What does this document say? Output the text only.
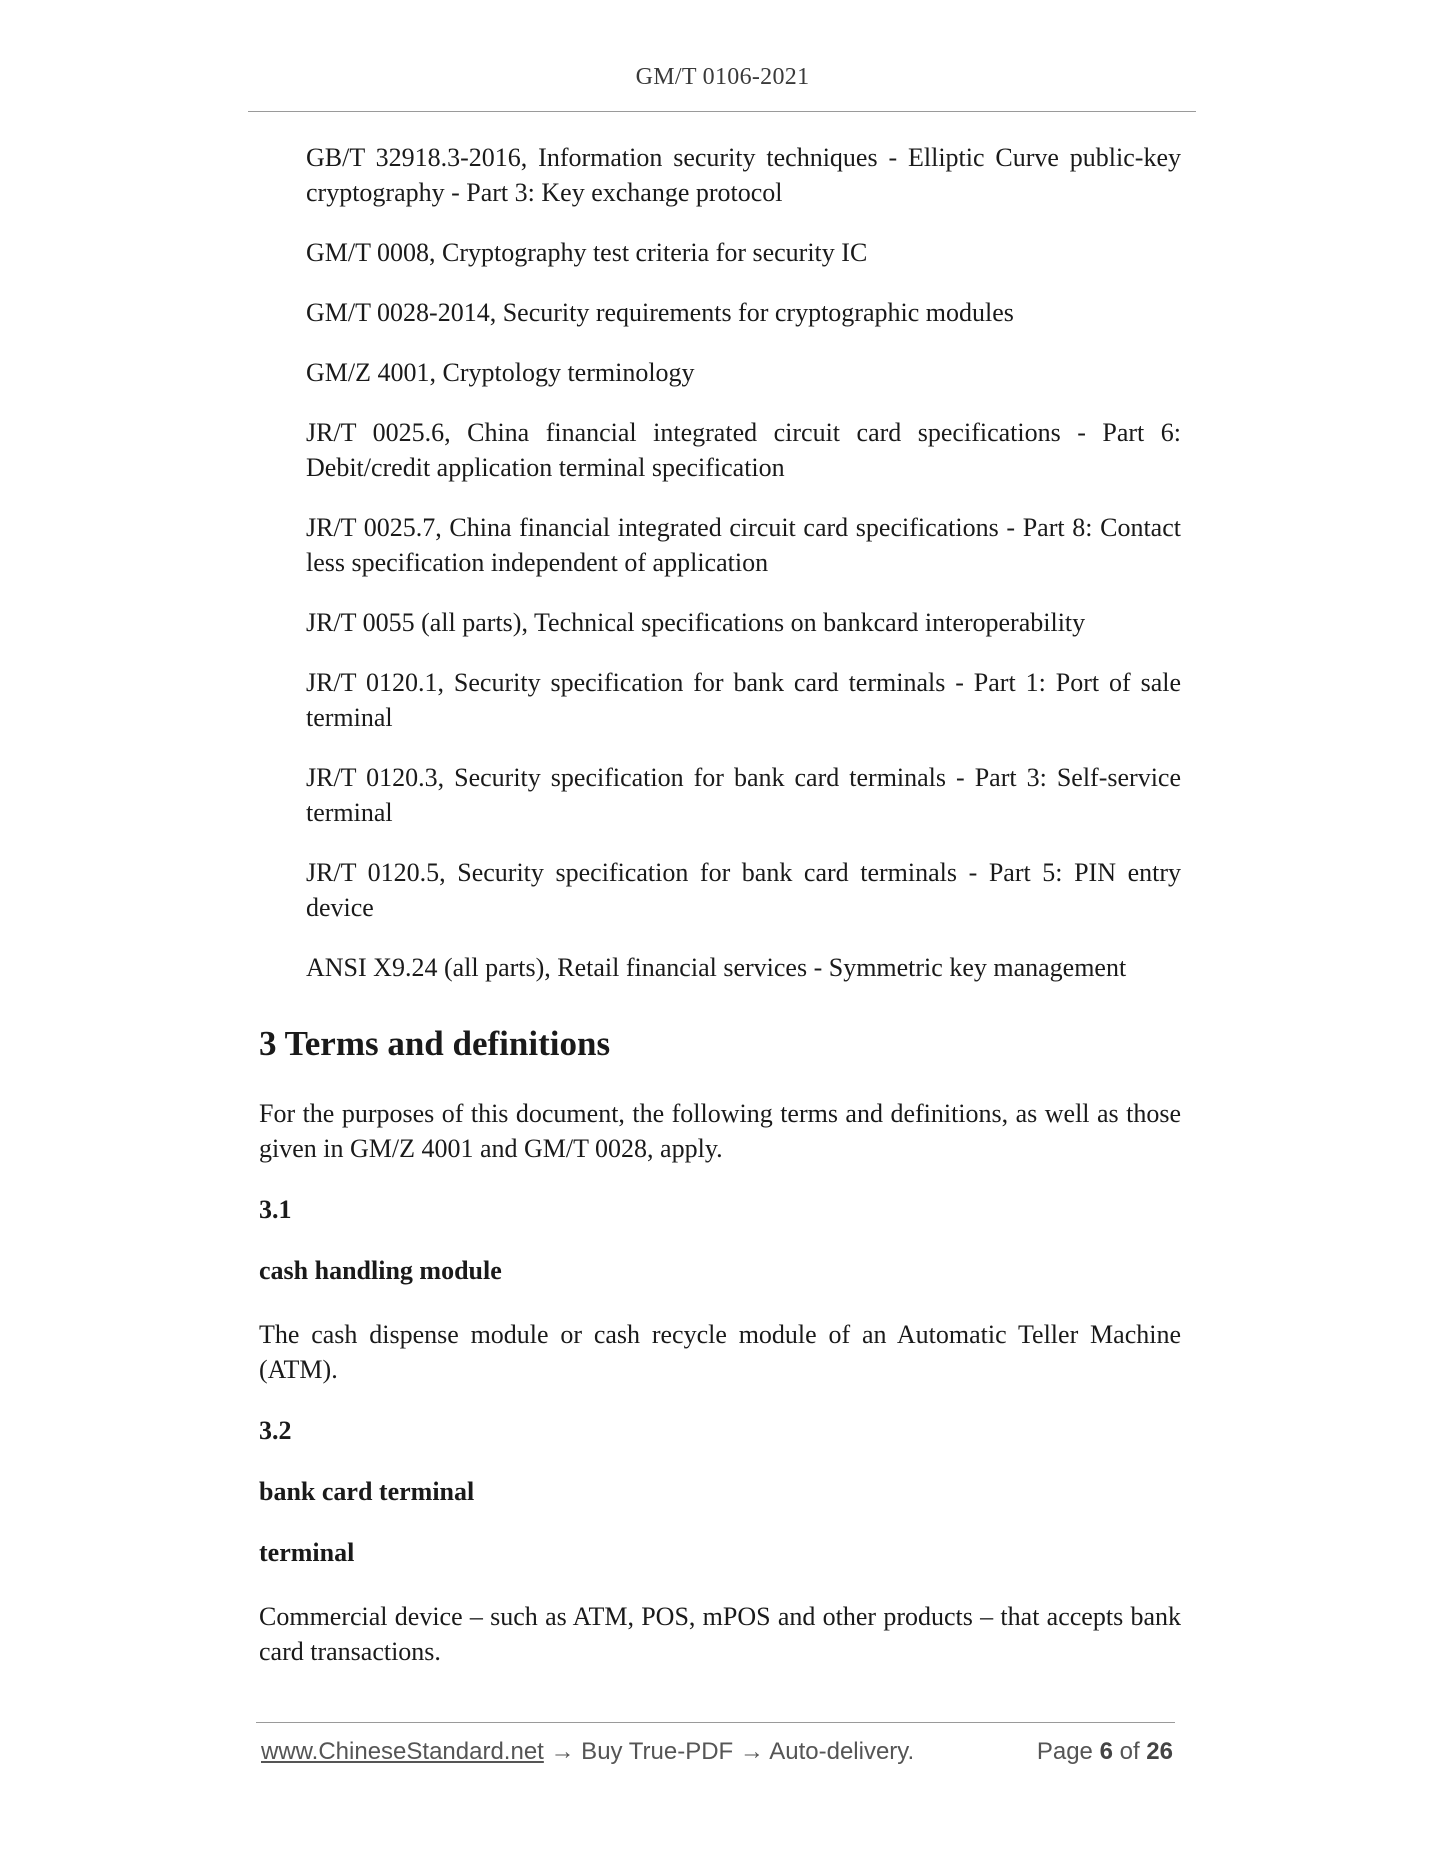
GM/T 0106-2021

GB/T 32918.3-2016, Information security techniques - Elliptic Curve public-key cryptography - Part 3: Key exchange protocol

GM/T 0008, Cryptography test criteria for security IC

GM/T 0028-2014, Security requirements for cryptographic modules

GM/Z 4001, Cryptology terminology

JR/T 0025.6, China financial integrated circuit card specifications - Part 6: Debit/credit application terminal specification

JR/T 0025.7, China financial integrated circuit card specifications - Part 8: Contact less specification independent of application

JR/T 0055 (all parts), Technical specifications on bankcard interoperability

JR/T 0120.1, Security specification for bank card terminals - Part 1: Port of sale terminal

JR/T 0120.3, Security specification for bank card terminals - Part 3: Self-service terminal

JR/T 0120.5, Security specification for bank card terminals - Part 5: PIN entry device

ANSI X9.24 (all parts), Retail financial services - Symmetric key management

3 Terms and definitions

For the purposes of this document, the following terms and definitions, as well as those given in GM/Z 4001 and GM/T 0028, apply.

3.1

cash handling module

The cash dispense module or cash recycle module of an Automatic Teller Machine (ATM).

3.2

bank card terminal

terminal

Commercial device – such as ATM, POS, mPOS and other products – that accepts bank card transactions.

www.ChineseStandard.net → Buy True-PDF → Auto-delivery.	Page 6 of 26
